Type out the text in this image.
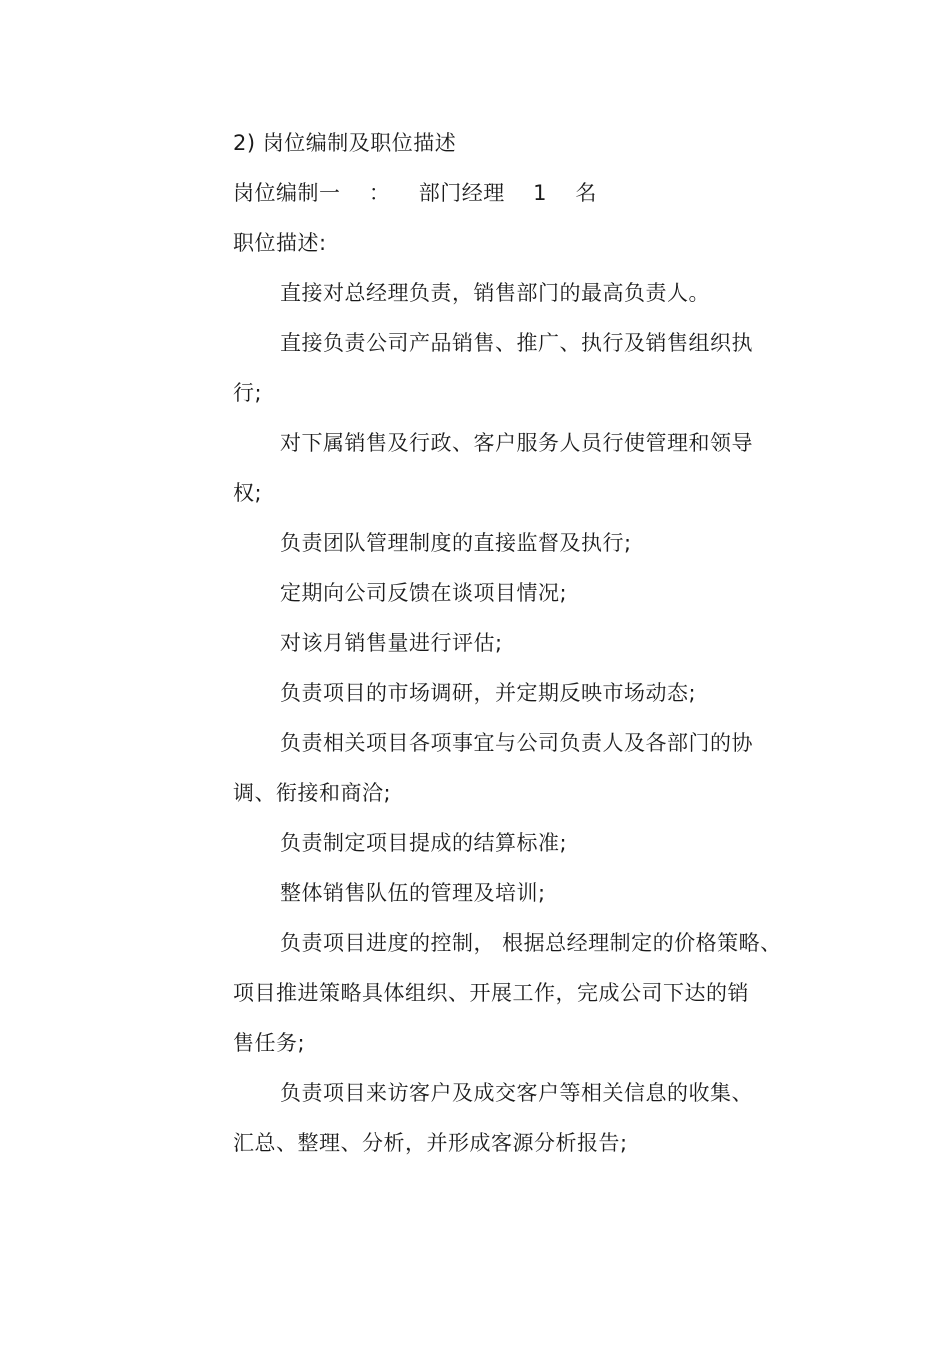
2) 岗位编制及职位描述
岗位编制一 ： 部门经理 1 名
职位描述:
直接对总经理负责，销售部门的最高负责人。
直接负责公司产品销售、推广、执行及销售组织执
行;
对下属销售及行政、客户服务人员行使管理和领导
权;
负责团队管理制度的直接监督及执行;
定期向公司反馈在谈项目情况;
对该月销售量进行评估;
负责项目的市场调研，并定期反映市场动态;
负责相关项目各项事宜与公司负责人及各部门的协
调、衔接和商洽;
负责制定项目提成的结算标准;
整体销售队伍的管理及培训;
负责项目进度的控制， 根据总经理制定的价格策略、
项目推进策略具体组织、开展工作，完成公司下达的销
售任务;
负责项目来访客户及成交客户等相关信息的收集、
汇总、整理、分析，并形成客源分析报告;
